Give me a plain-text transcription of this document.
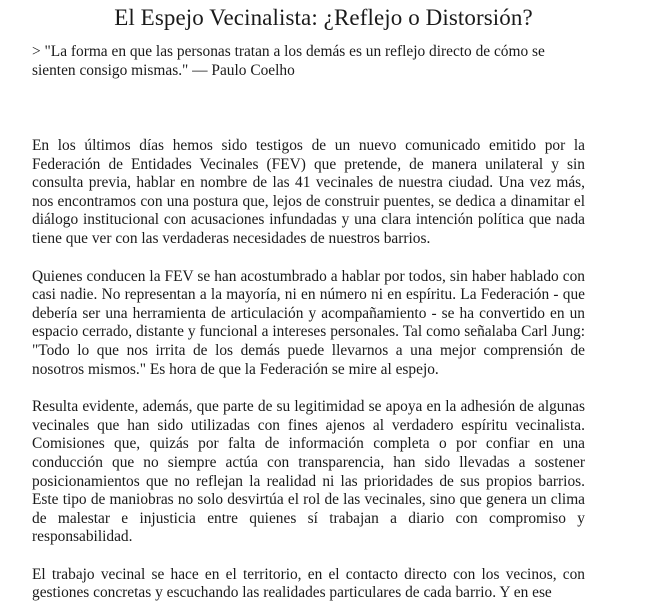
El Espejo Vecinalista: ¿Reflejo o Distorsión?

> "La forma en que las personas tratan a los demás es un reflejo directo de cómo se sienten consigo mismas." — Paulo Coelho

En los últimos días hemos sido testigos de un nuevo comunicado emitido por la Federación de Entidades Vecinales (FEV) que pretende, de manera unilateral y sin consulta previa, hablar en nombre de las 41 vecinales de nuestra ciudad. Una vez más, nos encontramos con una postura que, lejos de construir puentes, se dedica a dinamitar el diálogo institucional con acusaciones infundadas y una clara intención política que nada tiene que ver con las verdaderas necesidades de nuestros barrios.

Quienes conducen la FEV se han acostumbrado a hablar por todos, sin haber hablado con casi nadie. No representan a la mayoría, ni en número ni en espíritu. La Federación - que debería ser una herramienta de articulación y acompañamiento - se ha convertido en un espacio cerrado, distante y funcional a intereses personales. Tal como señalaba Carl Jung: "Todo lo que nos irrita de los demás puede llevarnos a una mejor comprensión de nosotros mismos." Es hora de que la Federación se mire al espejo.

Resulta evidente, además, que parte de su legitimidad se apoya en la adhesión de algunas vecinales que han sido utilizadas con fines ajenos al verdadero espíritu vecinalista. Comisiones que, quizás por falta de información completa o por confiar en una conducción que no siempre actúa con transparencia, han sido llevadas a sostener posicionamientos que no reflejan la realidad ni las prioridades de sus propios barrios. Este tipo de maniobras no solo desvirtúa el rol de las vecinales, sino que genera un clima de malestar e injusticia entre quienes sí trabajan a diario con compromiso y responsabilidad.

El trabajo vecinal se hace en el territorio, en el contacto directo con los vecinos, con gestiones concretas y escuchando las realidades particulares de cada barrio. Y en ese
